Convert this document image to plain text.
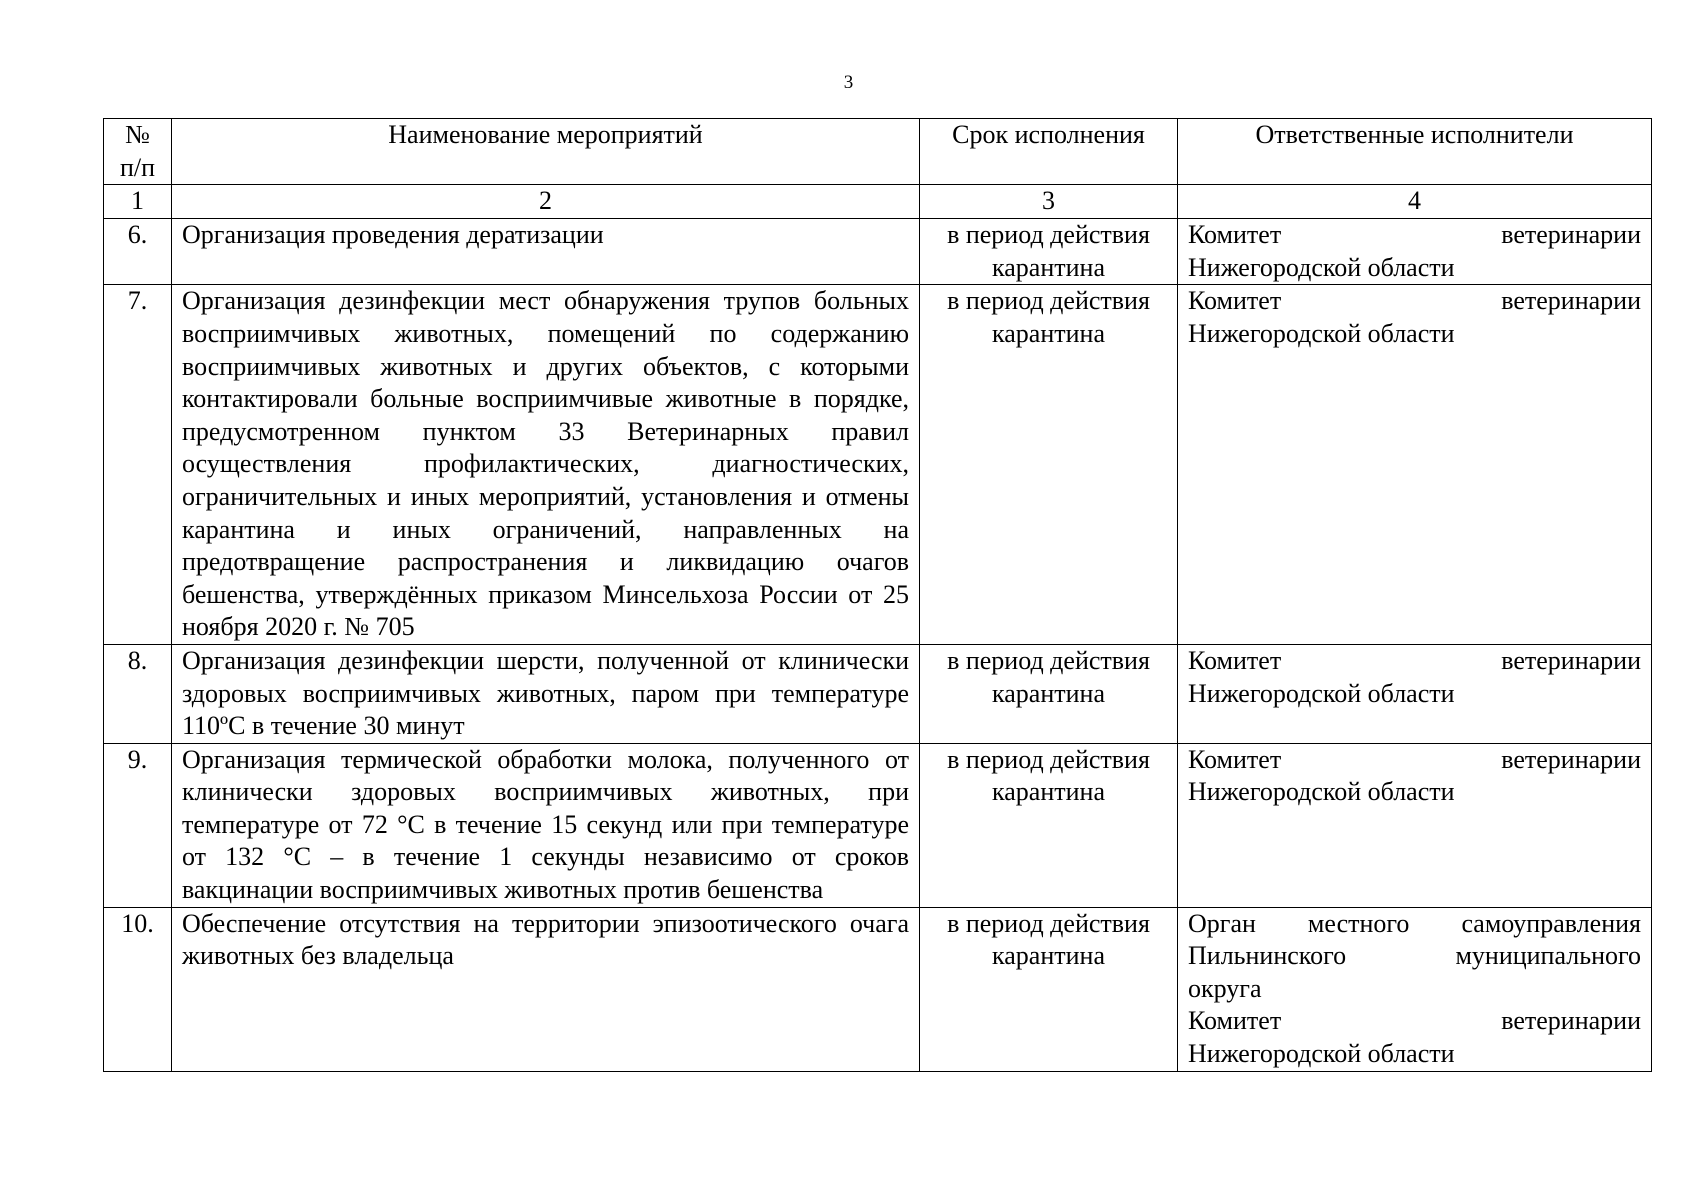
3
№
п/п	Наименование мероприятий	Срок исполнения	Ответственные исполнители
1	2	3	4
6.	Организация проведения дератизации	в период действия карантина	Комитет ветеринарии
Нижегородской области

7.	Организация дезинфекции мест обнаружения трупов больных восприимчивых животных, помещений по содержанию восприимчивых животных и других объектов, с которыми контактировали больные восприимчивые животные в порядке, предусмотренном пунктом 33 Ветеринарных правил осуществления профилактических, диагностических, ограничительных и иных мероприятий, установления и отмены карантина и иных ограничений, направленных на предотвращение распространения и ликвидацию очагов бешенства, утверждённых приказом Минсельхоза России от 25 ноября 2020 г. № 705	в период действия карантина	Комитет ветеринарии
Нижегородской области

8.	Организация дезинфекции шерсти, полученной от клинически здоровых восприимчивых животных, паром при температуре 110ºС в течение 30 минут	в период действия карантина	Комитет ветеринарии
Нижегородской области

9.	Организация термической обработки молока, полученного от клинически здоровых восприимчивых животных, при температуре от 72 °С в течение 15 секунд или при температуре от 132 °С – в течение 1 секунды независимо от сроков вакцинации восприимчивых животных против бешенства	в период действия карантина	Комитет ветеринарии
Нижегородской области

10.	Обеспечение отсутствия на территории эпизоотического очага животных без владельца	в период действия карантина	Орган местного самоуправления
Пильнинского муниципального
округа
Комитет ветеринарии
Нижегородской области
